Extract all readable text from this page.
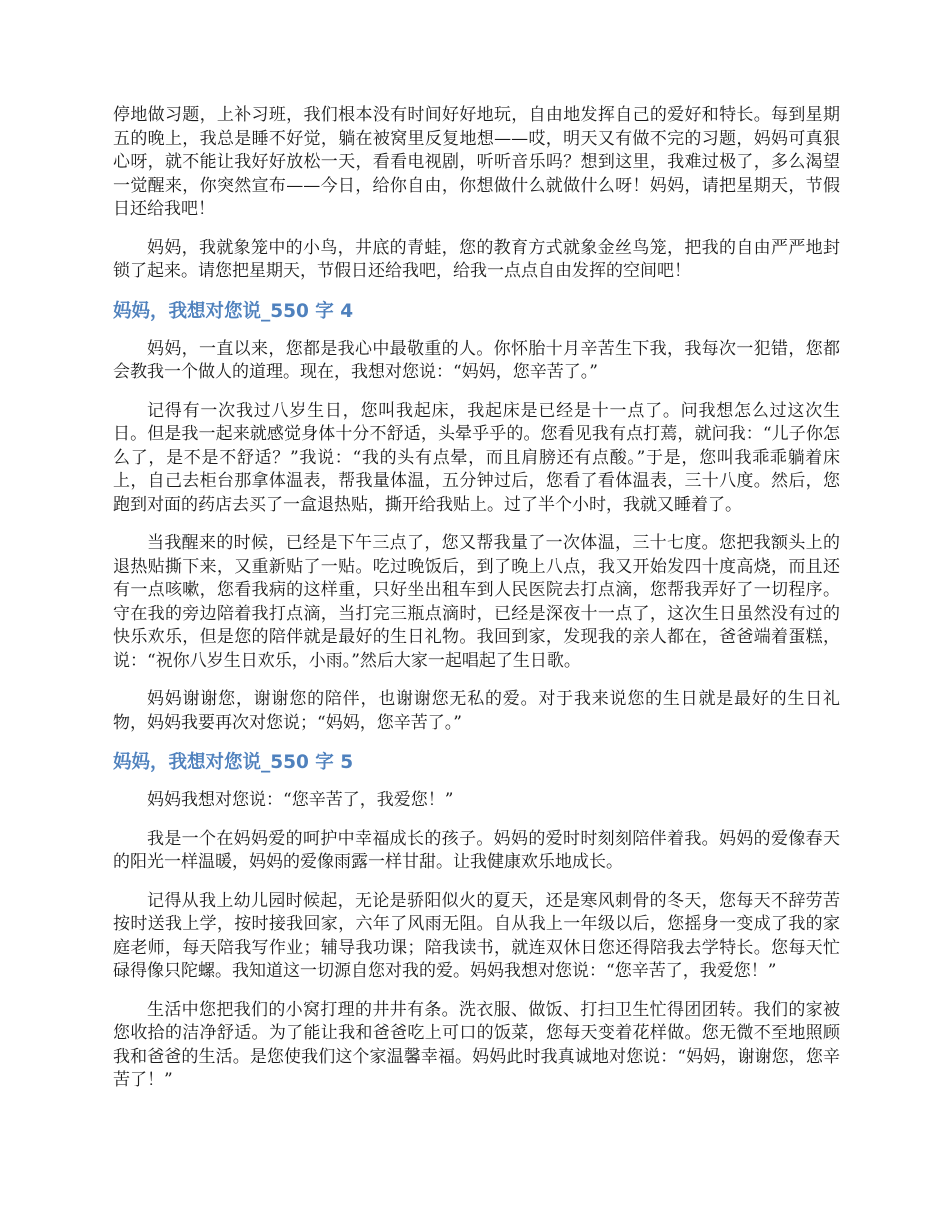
停地做习题，上补习班，我们根本没有时间好好地玩，自由地发挥自己的爱好和特长。每到星期五的晚上，我总是睡不好觉，躺在被窝里反复地想——哎，明天又有做不完的习题，妈妈可真狠心呀，就不能让我好好放松一天，看看电视剧，听听音乐吗？想到这里，我难过极了，多么渴望一觉醒来，你突然宣布——今日，给你自由，你想做什么就做什么呀！妈妈，请把星期天，节假日还给我吧！

妈妈，我就象笼中的小鸟，井底的青蛙，您的教育方式就象金丝鸟笼，把我的自由严严地封锁了起来。请您把星期天，节假日还给我吧，给我一点点自由发挥的空间吧！

妈妈，我想对您说_550 字 4

妈妈，一直以来，您都是我心中最敬重的人。你怀胎十月辛苦生下我，我每次一犯错，您都会教我一个做人的道理。现在，我想对您说：“妈妈，您辛苦了。”

记得有一次我过八岁生日，您叫我起床，我起床是已经是十一点了。问我想怎么过这次生日。但是我一起来就感觉身体十分不舒适，头晕乎乎的。您看见我有点打蔫，就问我：“儿子你怎么了，是不是不舒适？”我说：“我的头有点晕，而且肩膀还有点酸。”于是，您叫我乖乖躺着床上，自己去柜台那拿体温表，帮我量体温，五分钟过后，您看了看体温表，三十八度。然后，您跑到对面的药店去买了一盒退热贴，撕开给我贴上。过了半个小时，我就又睡着了。

当我醒来的时候，已经是下午三点了，您又帮我量了一次体温，三十七度。您把我额头上的退热贴撕下来，又重新贴了一贴。吃过晚饭后，到了晚上八点，我又开始发四十度高烧，而且还有一点咳嗽，您看我病的这样重，只好坐出租车到人民医院去打点滴，您帮我弄好了一切程序。守在我的旁边陪着我打点滴，当打完三瓶点滴时，已经是深夜十一点了，这次生日虽然没有过的快乐欢乐，但是您的陪伴就是最好的生日礼物。我回到家，发现我的亲人都在，爸爸端着蛋糕，说：“祝你八岁生日欢乐，小雨。”然后大家一起唱起了生日歌。

妈妈谢谢您，谢谢您的陪伴，也谢谢您无私的爱。对于我来说您的生日就是最好的生日礼物，妈妈我要再次对您说；“妈妈，您辛苦了。”

妈妈，我想对您说_550 字 5

妈妈我想对您说：“您辛苦了，我爱您！”

我是一个在妈妈爱的呵护中幸福成长的孩子。妈妈的爱时时刻刻陪伴着我。妈妈的爱像春天的阳光一样温暖，妈妈的爱像雨露一样甘甜。让我健康欢乐地成长。

记得从我上幼儿园时候起，无论是骄阳似火的夏天，还是寒风刺骨的冬天，您每天不辞劳苦按时送我上学，按时接我回家，六年了风雨无阻。自从我上一年级以后，您摇身一变成了我的家庭老师，每天陪我写作业；辅导我功课；陪我读书，就连双休日您还得陪我去学特长。您每天忙碌得像只陀螺。我知道这一切源自您对我的爱。妈妈我想对您说：“您辛苦了，我爱您！”

生活中您把我们的小窝打理的井井有条。洗衣服、做饭、打扫卫生忙得团团转。我们的家被您收拾的洁净舒适。为了能让我和爸爸吃上可口的饭菜，您每天变着花样做。您无微不至地照顾我和爸爸的生活。是您使我们这个家温馨幸福。妈妈此时我真诚地对您说：“妈妈，谢谢您，您辛苦了！”
